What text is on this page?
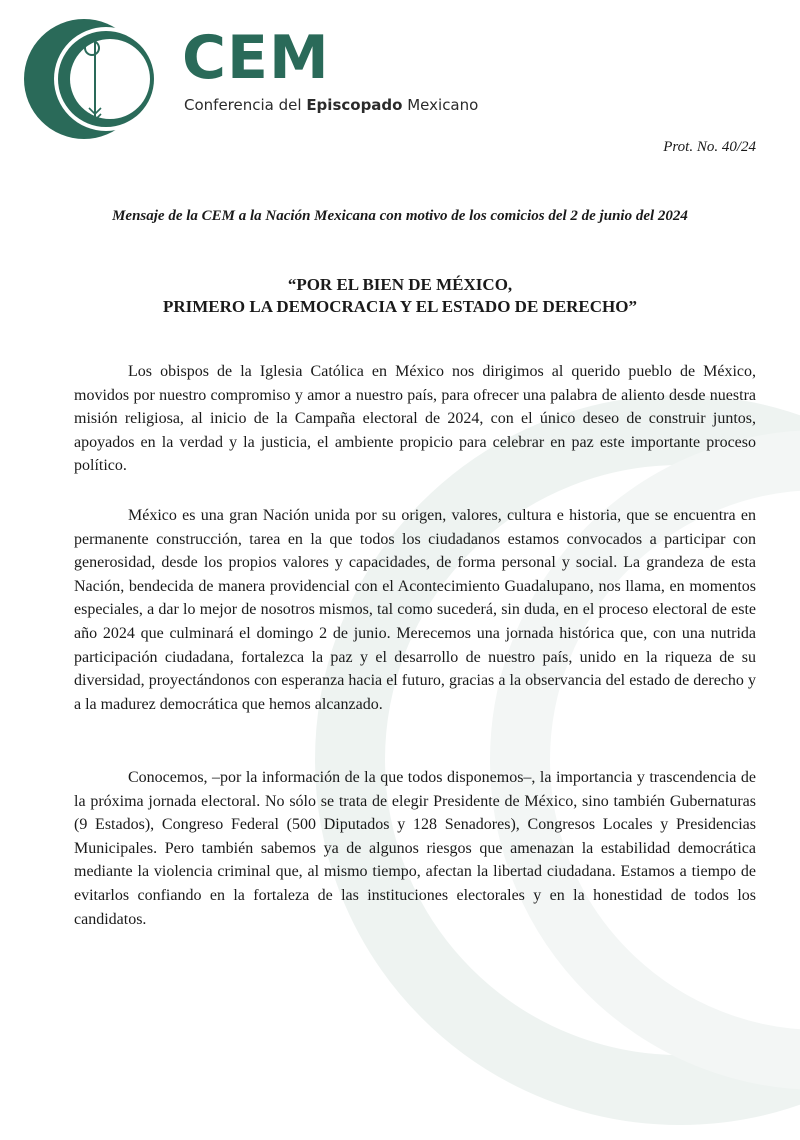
CEM
Conferencia del Episcopado Mexicano
Prot. No. 40/24
Mensaje de la CEM a la Nación Mexicana con motivo de los comicios del 2 de junio del 2024
“POR EL BIEN DE MÉXICO,
PRIMERO LA DEMOCRACIA Y EL ESTADO DE DERECHO”

Los obispos de la Iglesia Católica en México nos dirigimos al querido pueblo de México, movidos por nuestro compromiso y amor a nuestro país, para ofrecer una palabra de aliento desde nuestra misión religiosa, al inicio de la Campaña electoral de 2024, con el único deseo de construir juntos, apoyados en la verdad y la justicia, el ambiente propicio para celebrar en paz este importante proceso político.

México es una gran Nación unida por su origen, valores, cultura e historia, que se encuentra en permanente construcción, tarea en la que todos los ciudadanos estamos convocados a participar con generosidad, desde los propios valores y capacidades, de forma personal y social. La grandeza de esta Nación, bendecida de manera providencial con el Acontecimiento Guadalupano, nos llama, en momentos especiales, a dar lo mejor de nosotros mismos, tal como sucederá, sin duda, en el proceso electoral de este año 2024 que culminará el domingo 2 de junio. Merecemos una jornada histórica que, con una nutrida participación ciudadana, fortalezca la paz y el desarrollo de nuestro país, unido en la riqueza de su diversidad, proyectándonos con esperanza hacia el futuro, gracias a la observancia del estado de derecho y a la madurez democrática que hemos alcanzado.

Conocemos, –por la información de la que todos disponemos–, la importancia y trascendencia de la próxima jornada electoral. No sólo se trata de elegir Presidente de México, sino también Gubernaturas (9 Estados), Congreso Federal (500 Diputados y 128 Senadores), Congresos Locales y Presidencias Municipales. Pero también sabemos ya de algunos riesgos que amenazan la estabilidad democrática mediante la violencia criminal que, al mismo tiempo, afectan la libertad ciudadana. Estamos a tiempo de evitarlos confiando en la fortaleza de las instituciones electorales y en la honestidad de todos los candidatos.
